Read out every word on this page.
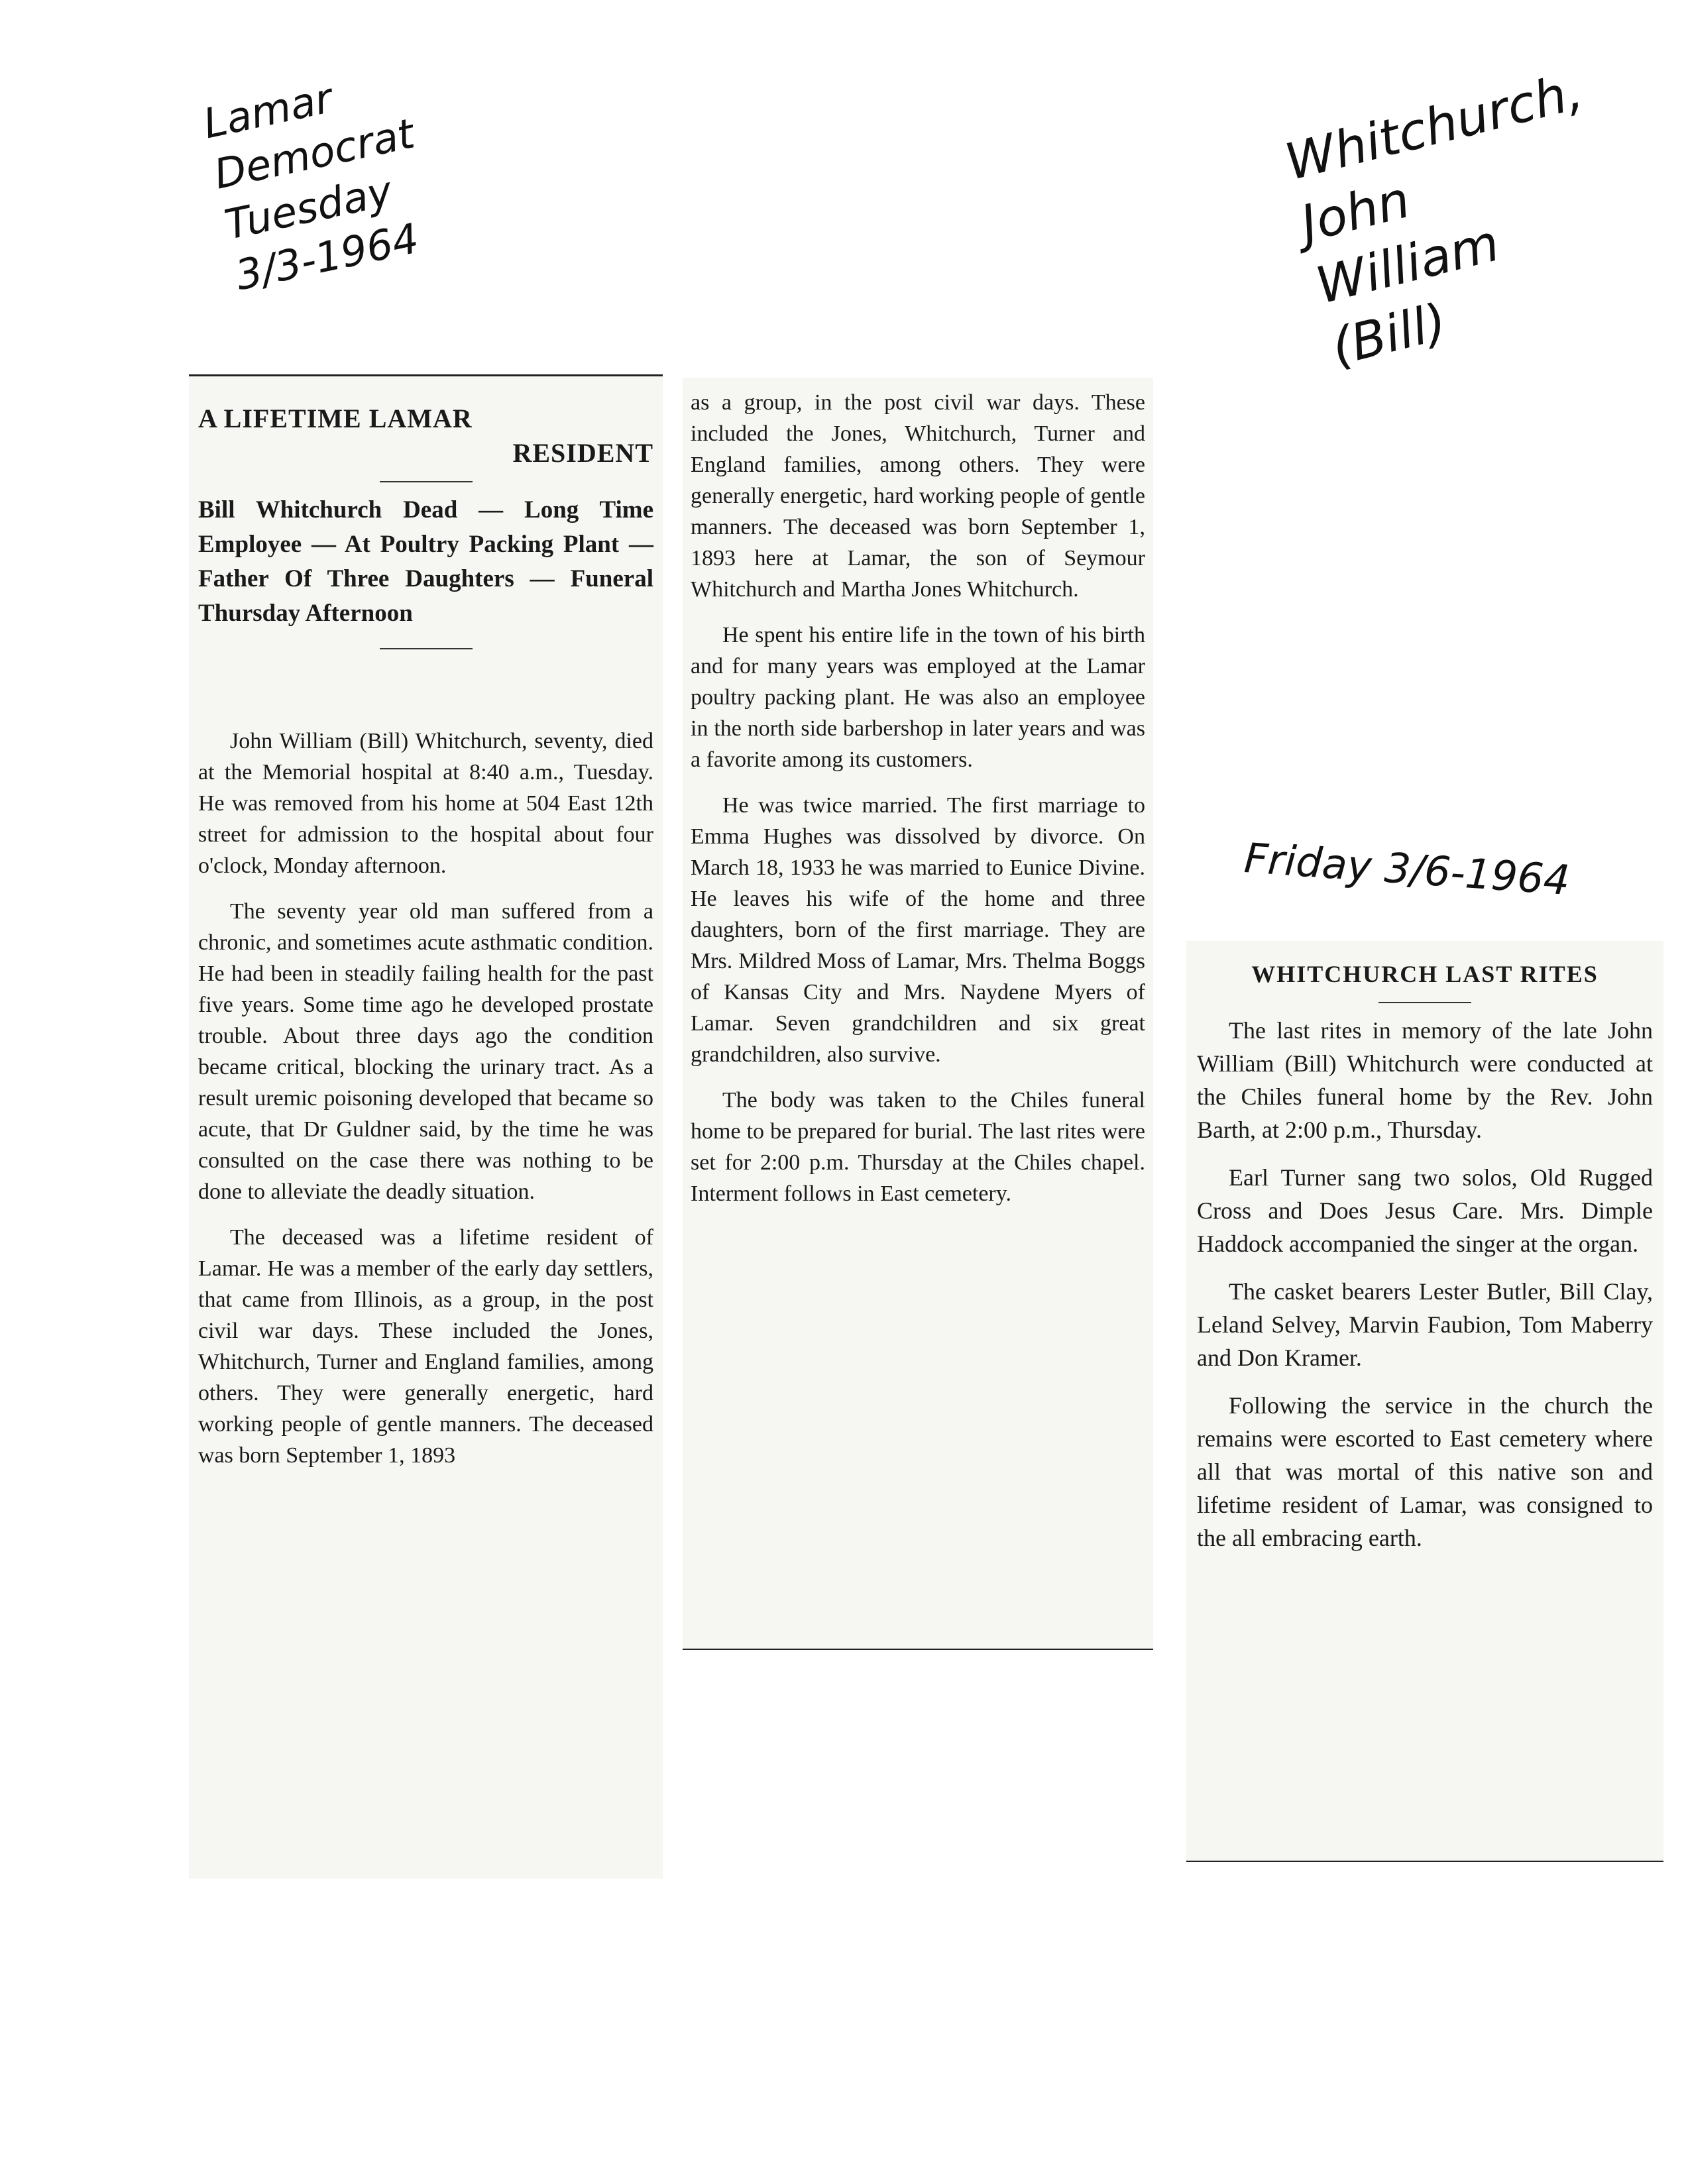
Lamar
Democrat
Tuesday
3/3-1964
Whitchurch,
John
William
(Bill)
Friday 3/6-1964
A LIFETIME LAMAR
RESIDENT
Bill Whitchurch Dead — Long Time Employee — At Poultry Packing Plant — Father Of Three Daughters — Funeral Thursday Afternoon

John William (Bill) Whitchurch, seventy, died at the Memorial hospital at 8:40 a.m., Tuesday. He was removed from his home at 504 East 12th street for admission to the hospital about four o'clock, Monday afternoon.

The seventy year old man suffered from a chronic, and sometimes acute asthmatic condition. He had been in steadily failing health for the past five years. Some time ago he developed prostate trouble. About three days ago the condition became critical, blocking the urinary tract. As a result uremic poisoning developed that became so acute, that Dr Guldner said, by the time he was consulted on the case there was nothing to be done to alleviate the deadly situation.

The deceased was a lifetime resident of Lamar. He was a member of the early day settlers, that came from Illinois, as a group, in the post civil war days. These included the Jones, Whitchurch, Turner and England families, among others. They were generally energetic, hard working people of gentle manners. The deceased was born September 1, 1893

as a group, in the post civil war days. These included the Jones, Whitchurch, Turner and England families, among others. They were generally energetic, hard working people of gentle manners. The deceased was born September 1, 1893 here at Lamar, the son of Seymour Whitchurch and Martha Jones Whitchurch.

He spent his entire life in the town of his birth and for many years was employed at the Lamar poultry packing plant. He was also an employee in the north side barbershop in later years and was a favorite among its customers.

He was twice married. The first marriage to Emma Hughes was dissolved by divorce. On March 18, 1933 he was married to Eunice Divine. He leaves his wife of the home and three daughters, born of the first marriage. They are Mrs. Mildred Moss of Lamar, Mrs. Thelma Boggs of Kansas City and Mrs. Naydene Myers of Lamar. Seven grandchildren and six great grandchildren, also survive.

The body was taken to the Chiles funeral home to be prepared for burial. The last rites were set for 2:00 p.m. Thursday at the Chiles chapel. Interment follows in East cemetery.

WHITCHURCH LAST RITES

The last rites in memory of the late John William (Bill) Whitchurch were conducted at the Chiles funeral home by the Rev. John Barth, at 2:00 p.m., Thursday.

Earl Turner sang two solos, Old Rugged Cross and Does Jesus Care. Mrs. Dimple Haddock accompanied the singer at the organ.

The casket bearers Lester Butler, Bill Clay, Leland Selvey, Marvin Faubion, Tom Maberry and Don Kramer.

Following the service in the church the remains were escorted to East cemetery where all that was mortal of this native son and lifetime resident of Lamar, was consigned to the all embracing earth.
